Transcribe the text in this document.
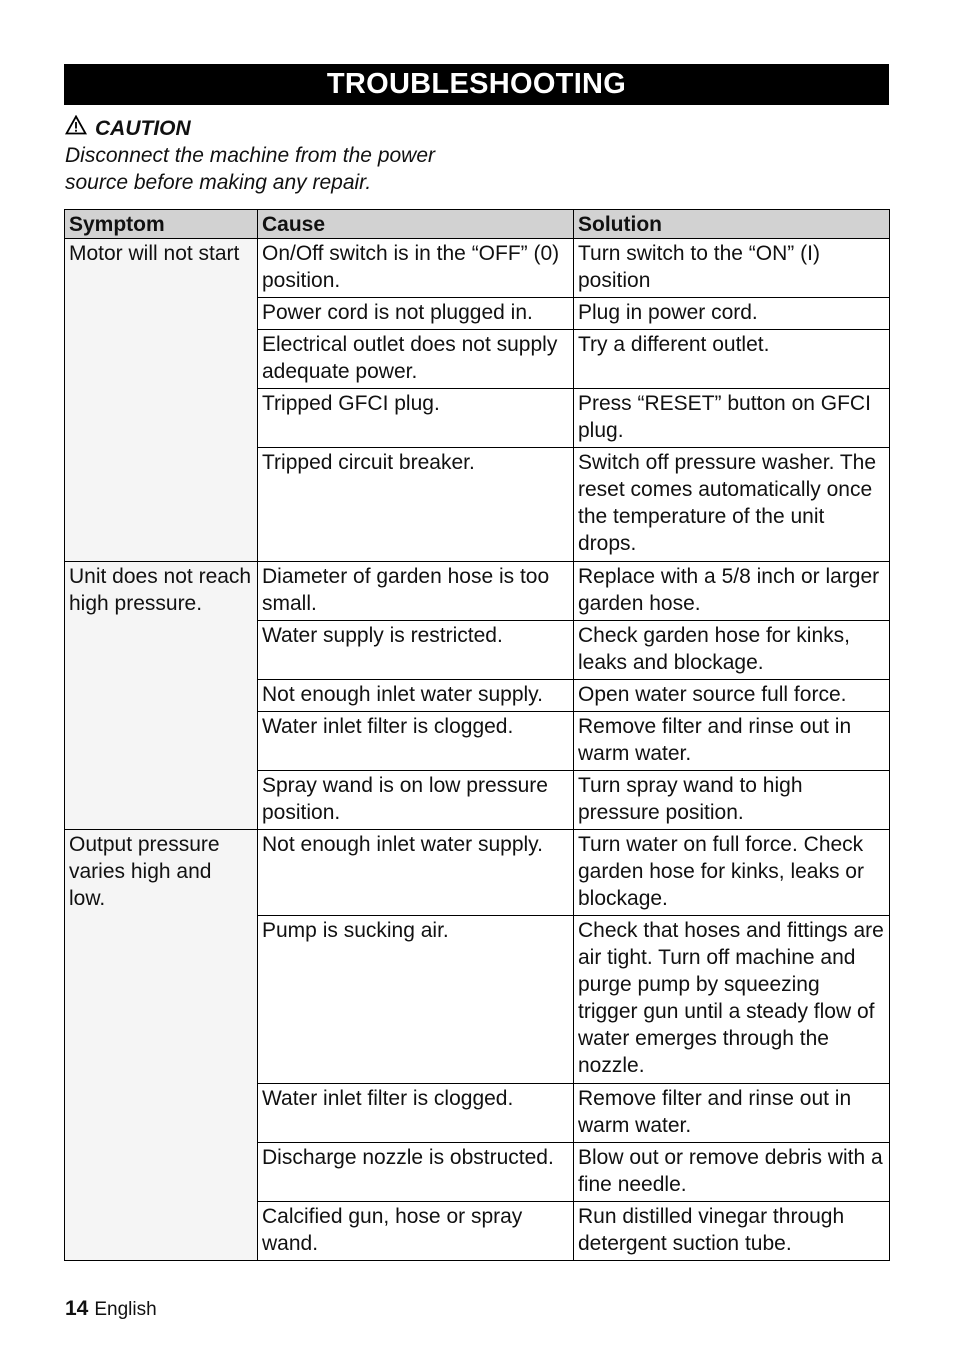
TROUBLESHOOTING
CAUTION
Disconnect the machine from the power
source before making any repair.
Symptom	Cause	Solution
Motor will not start	On/Off switch is in the “OFF” (0) position.	Turn switch to the “ON” (I) position
	Power cord is not plugged in.	Plug in power cord.
	Electrical outlet does not supply adequate power.	Try a different outlet.
	Tripped GFCI plug.	Press “RESET” button on GFCI plug.
	Tripped circuit breaker.	Switch off pressure washer. The reset comes automatically once the temperature of the unit drops.
Unit does not reach high pressure.	Diameter of garden hose is too small.	Replace with a 5/8 inch or larger garden hose.
	Water supply is restricted.	Check garden hose for kinks, leaks and blockage.
	Not enough inlet water supply.	Open water source full force.
	Water inlet filter is clogged.	Remove filter and rinse out in warm water.
	Spray wand is on low pressure position.	Turn spray wand to high pressure position.
Output pressure varies high and low.	Not enough inlet water supply.	Turn water on full force. Check garden hose for kinks, leaks or blockage.
	Pump is sucking air.	Check that hoses and fittings are air tight. Turn off machine and purge pump by squeezing trigger gun until a steady flow of water emerges through the nozzle.
	Water inlet filter is clogged.	Remove filter and rinse out in warm water.
	Discharge nozzle is obstructed.	Blow out or remove debris with a fine needle.
	Calcified gun, hose or spray wand.	Run distilled vinegar through detergent suction tube.
14 English
